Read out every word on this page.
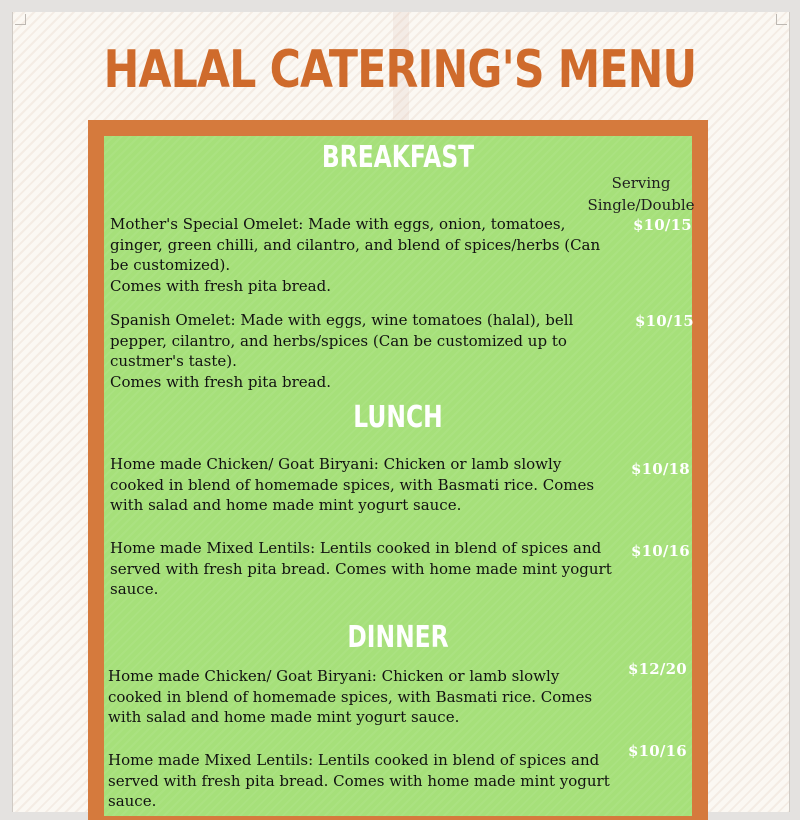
HALAL CATERING'S MENU
BREAKFAST
Serving
Single/Double

Mother's Special Omelet: Made with eggs, onion, tomatoes, ginger, green chilli, and cilantro, and blend of spices/herbs (Can be customized).

Comes with fresh pita bread.

$10/15

Spanish Omelet: Made with eggs, wine tomatoes (halal), bell pepper, cilantro, and herbs/spices (Can be customized up to custmer's taste).

Comes with fresh pita bread.

$10/15
LUNCH

Home made Chicken/ Goat Biryani: Chicken or lamb slowly cooked in blend of homemade spices, with Basmati rice. Comes with salad and home made mint yogurt sauce.

$10/18

Home made Mixed Lentils: Lentils cooked in blend of spices and served with fresh pita bread. Comes with home made mint yogurt sauce.

$10/16
DINNER

Home made Chicken/ Goat Biryani: Chicken or lamb slowly cooked in blend of homemade spices, with Basmati rice. Comes with salad and home made mint yogurt sauce.

$12/20

Home made Mixed Lentils: Lentils cooked in blend of spices and served with fresh pita bread. Comes with home made mint yogurt sauce.

$10/16
